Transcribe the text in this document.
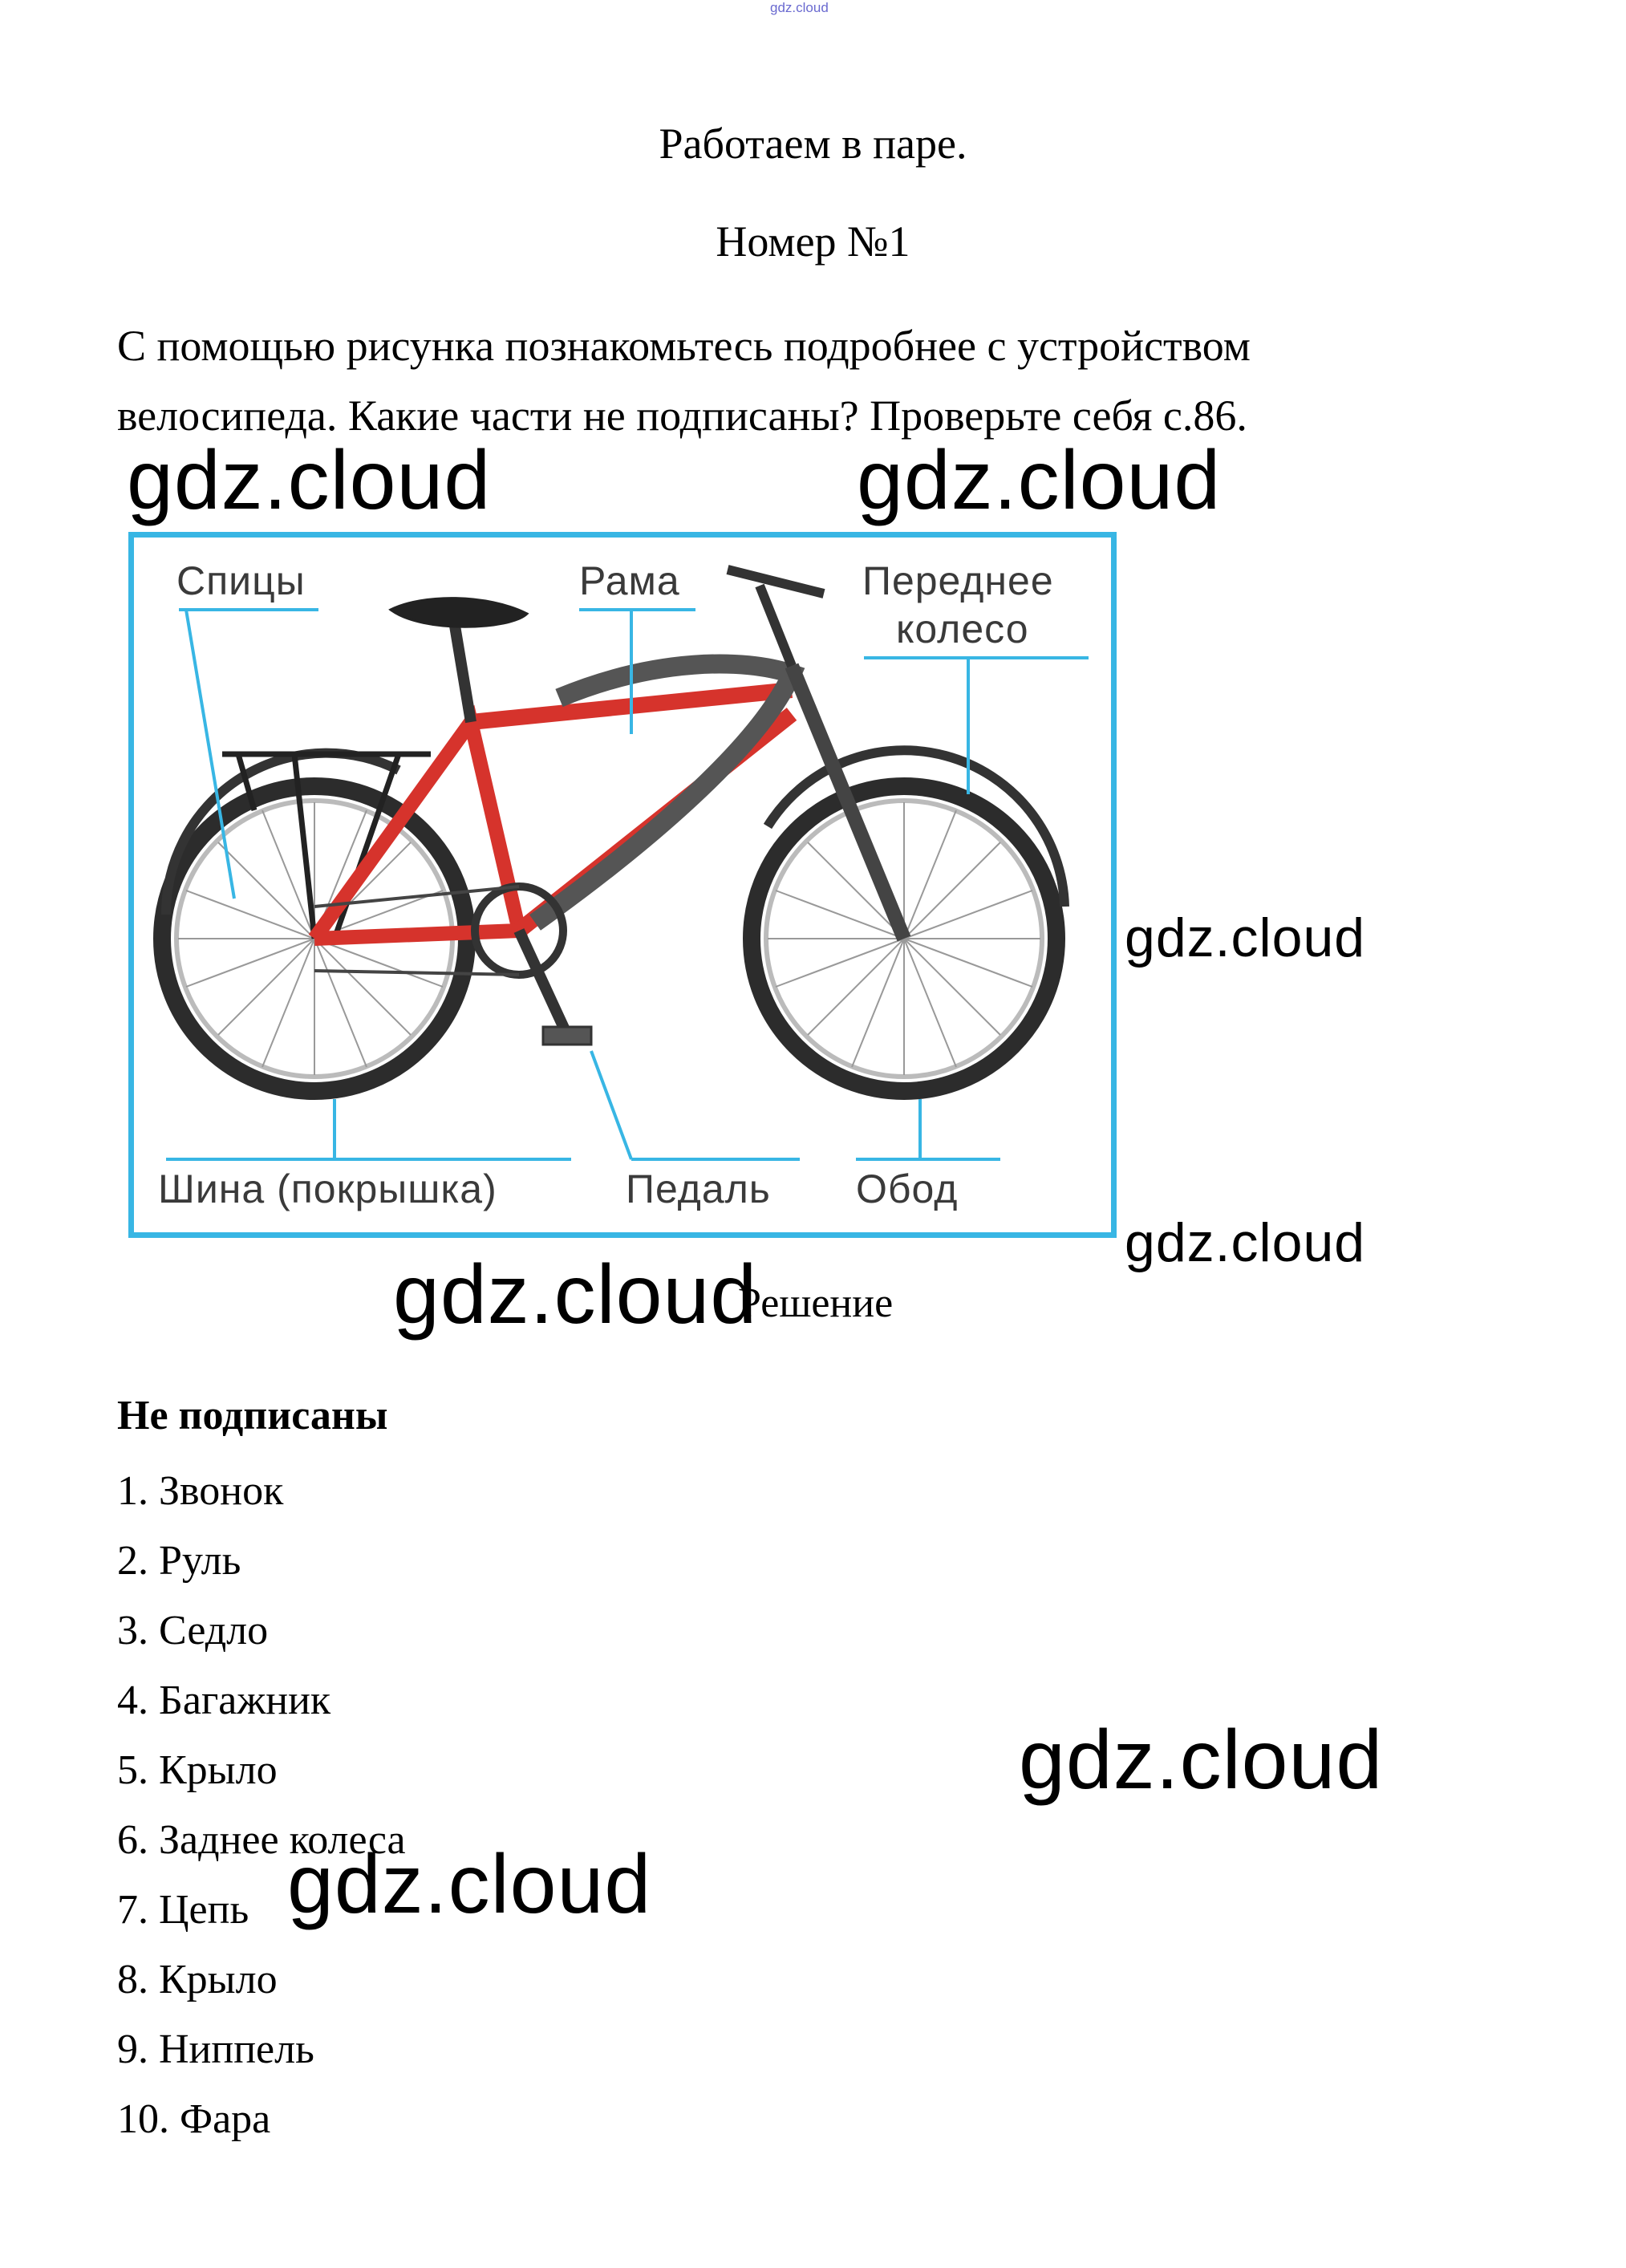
gdz.cloud
Работаем в паре.
Номер №1
С помощью рисунка познакомьтесь подробнее с устройством
велосипеда. Какие части не подписаны? Проверьте себя с.86.
Спицы	Рама	Переднее
колесо
Шина (покрышка)	Педаль Обод
Решение
Не подписаны
1. Звонок
2. Руль
3. Седло
4. Багажник
5. Крыло
6. Заднее колеса
7. Цепь
8. Крыло
9. Ниппель
10. Фара
gdz.cloud	gdz.cloud
gdz.cloud
gdz.cloud
gdz.cloud
gdz.cloud
gdz.cloud
